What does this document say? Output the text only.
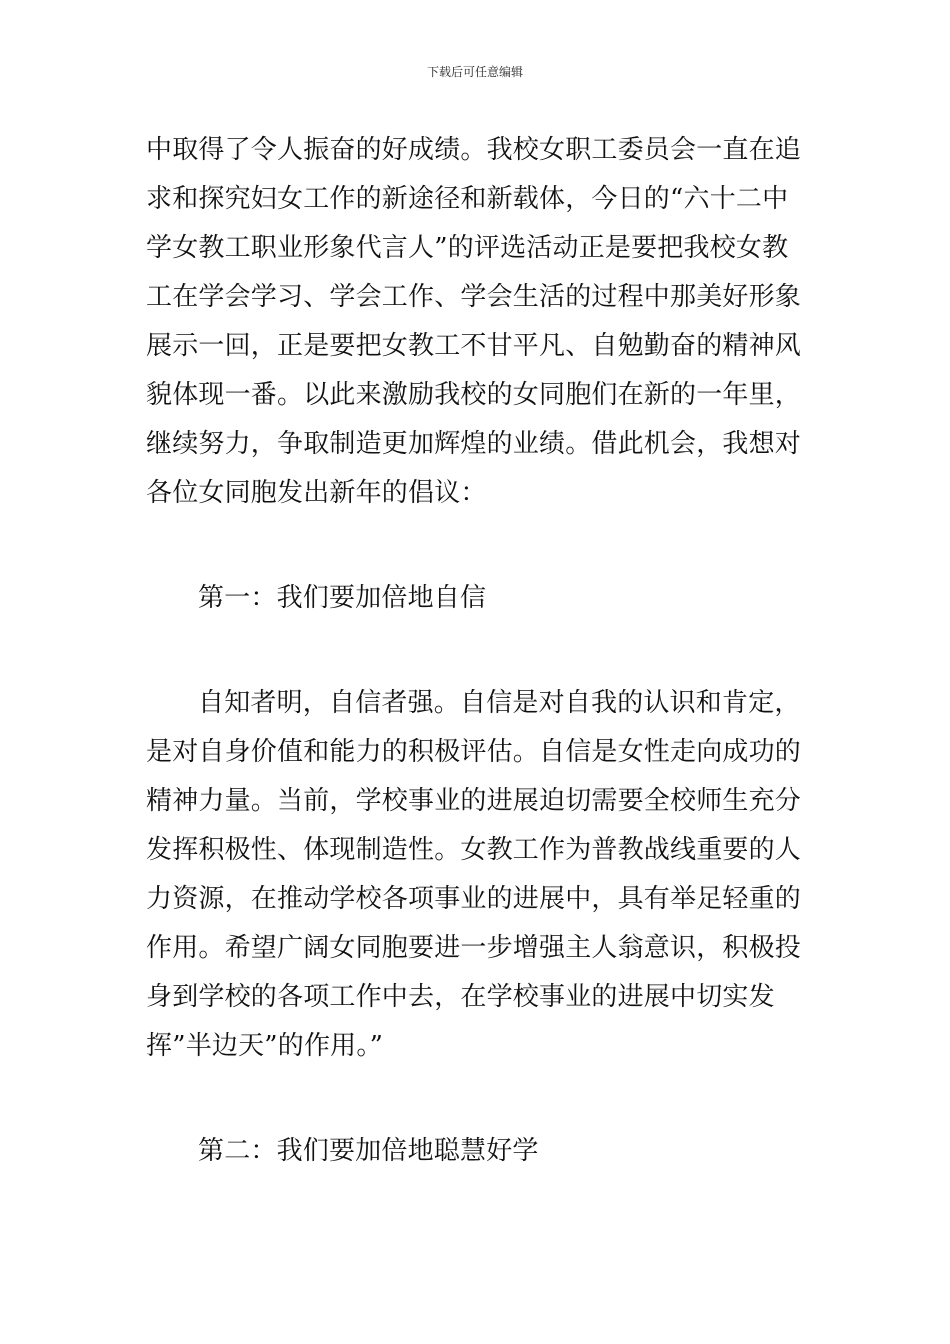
下载后可任意编辑

中取得了令人振奋的好成绩。我校女职工委员会一直在追
求和探究妇女工作的新途径和新载体，今日的“六十二中
学女教工职业形象代言人”的评选活动正是要把我校女教
工在学会学习、学会工作、学会生活的过程中那美好形象
展示一回，正是要把女教工不甘平凡、自勉勤奋的精神风
貌体现一番。以此来激励我校的女同胞们在新的一年里，
继续努力，争取制造更加辉煌的业绩。借此机会，我想对
各位女同胞发出新年的倡议：

第一：我们要加倍地自信

自知者明，自信者强。自信是对自我的认识和肯定，
是对自身价值和能力的积极评估。自信是女性走向成功的
精神力量。当前，学校事业的进展迫切需要全校师生充分
发挥积极性、体现制造性。女教工作为普教战线重要的人
力资源，在推动学校各项事业的进展中，具有举足轻重的
作用。希望广阔女同胞要进一步增强主人翁意识，积极投
身到学校的各项工作中去，在学校事业的进展中切实发
挥”半边天”的作用。”

第二：我们要加倍地聪慧好学
